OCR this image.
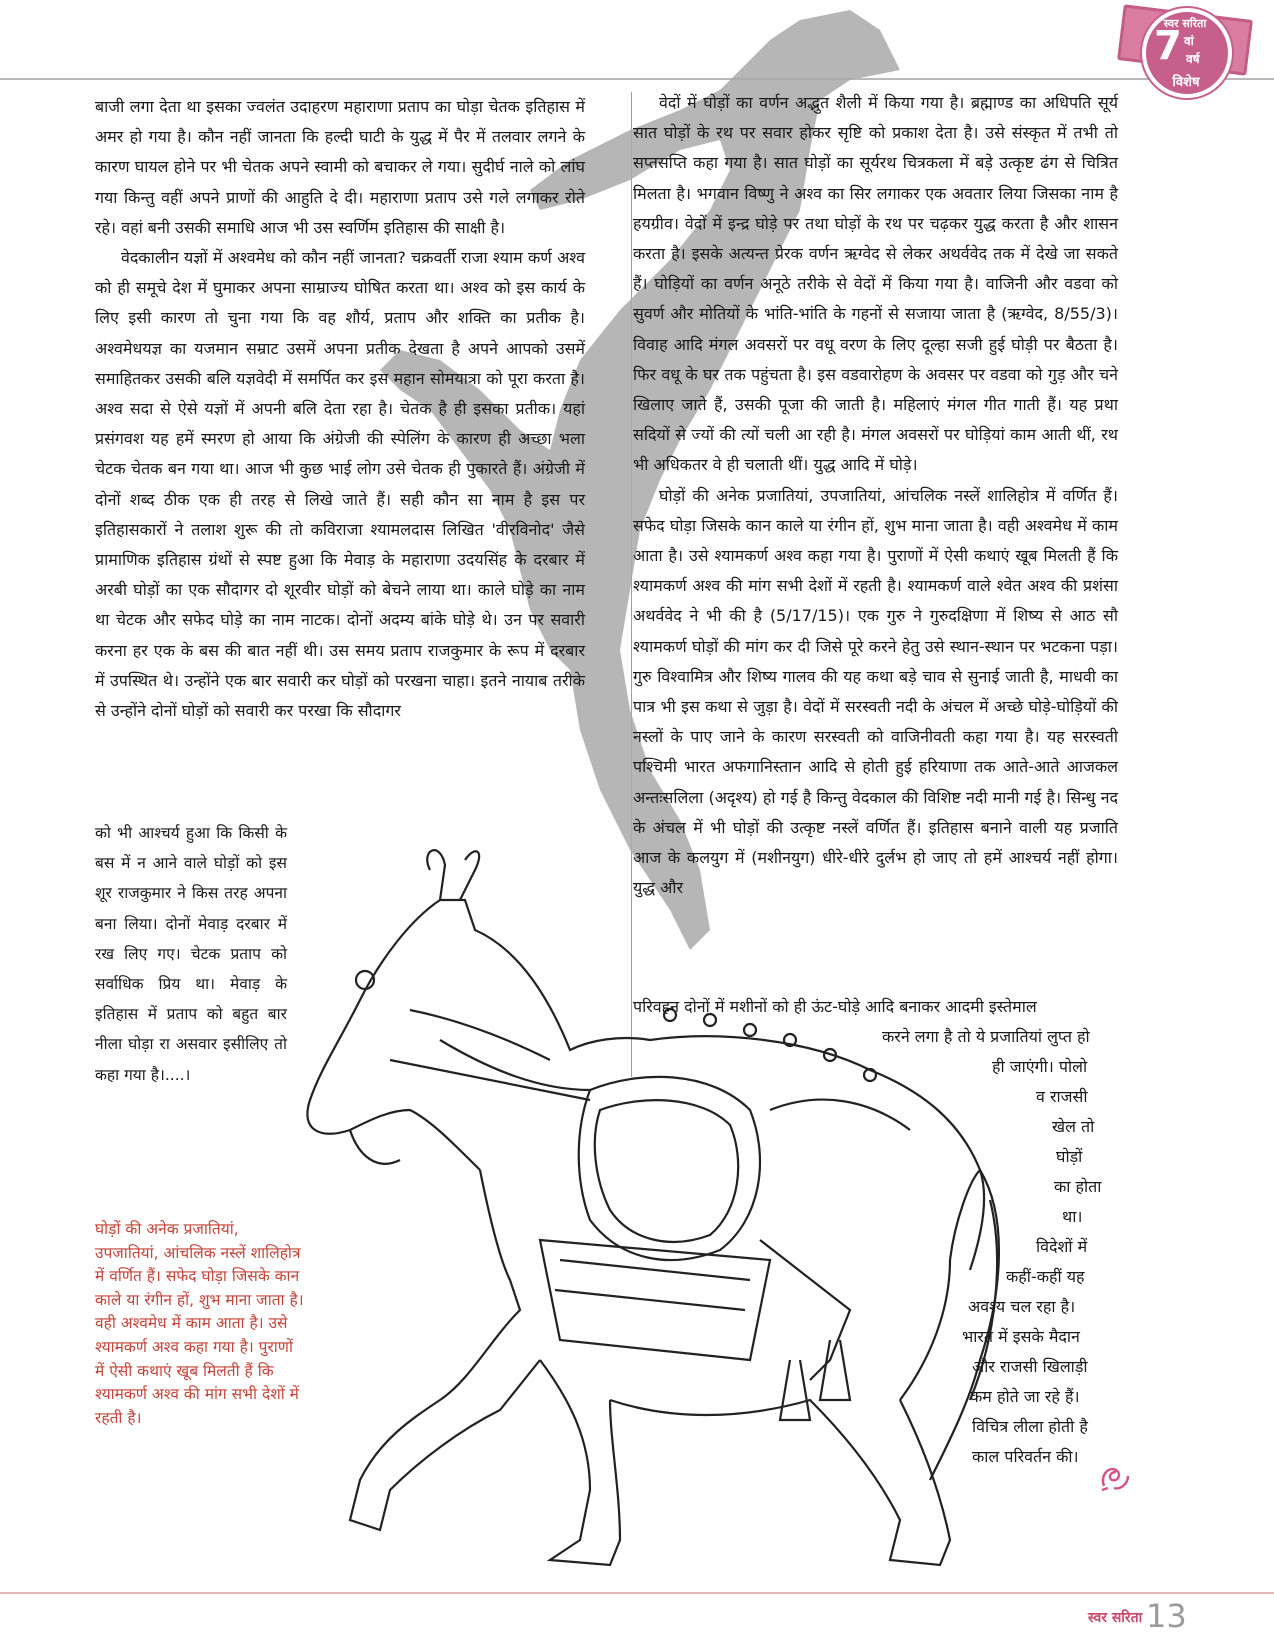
स्वर सरिता
7 वां
वर्ष
विशेष

बाजी लगा देता था इसका ज्वलंत उदाहरण महाराणा प्रताप का घोड़ा चेतक इतिहास में अमर हो गया है। कौन नहीं जानता कि हल्दी घाटी के युद्ध में पैर में तलवार लगने के कारण घायल होने पर भी चेतक अपने स्वामी को बचाकर ले गया। सुदीर्घ नाले को लांघ गया किन्तु वहीं अपने प्राणों की आहुति दे दी। महाराणा प्रताप उसे गले लगाकर रोते रहे। वहां बनी उसकी समाधि आज भी उस स्वर्णिम इतिहास की साक्षी है।

वेदकालीन यज्ञों में अश्वमेध को कौन नहीं जानता? चक्रवर्ती राजा श्याम कर्ण अश्व को ही समूचे देश में घुमाकर अपना साम्राज्य घोषित करता था। अश्व को इस कार्य के लिए इसी कारण तो चुना गया कि वह शौर्य, प्रताप और शक्ति का प्रतीक है। अश्वमेधयज्ञ का यजमान सम्राट उसमें अपना प्रतीक देखता है अपने आपको उसमें समाहितकर उसकी बलि यज्ञवेदी में समर्पित कर इस महान सोमयात्रा को पूरा करता है। अश्व सदा से ऐसे यज्ञों में अपनी बलि देता रहा है। चेतक है ही इसका प्रतीक। यहां प्रसंगवश यह हमें स्मरण हो आया कि अंग्रेजी की स्पेलिंग के कारण ही अच्छा भला चेटक चेतक बन गया था। आज भी कुछ भाई लोग उसे चेतक ही पुकारते हैं। अंग्रेजी में दोनों शब्द ठीक एक ही तरह से लिखे जाते हैं। सही कौन सा नाम है इस पर इतिहासकारों ने तलाश शुरू की तो कविराजा श्यामलदास लिखित 'वीरविनोद' जैसे प्रामाणिक इतिहास ग्रंथों से स्पष्ट हुआ कि मेवाड़ के महाराणा उदयसिंह के दरबार में अरबी घोड़ों का एक सौदागर दो शूरवीर घोड़ों को बेचने लाया था। काले घोड़े का नाम था चेटक और सफेद घोड़े का नाम नाटक। दोनों अदम्य बांके घोड़े थे। उन पर सवारी करना हर एक के बस की बात नहीं थी। उस समय प्रताप राजकुमार के रूप में दरबार में उपस्थित थे। उन्होंने एक बार सवारी कर घोड़ों को परखना चाहा। इतने नायाब तरीके से उन्होंने दोनों घोड़ों को सवारी कर परखा कि सौदागर

को भी आश्चर्य हुआ कि किसी के बस में न आने वाले घोड़ों को इस शूर राजकुमार ने किस तरह अपना बना लिया। दोनों मेवाड़ दरबार में रख लिए गए। चेटक प्रताप को सर्वाधिक प्रिय था। मेवाड़ के इतिहास में प्रताप को बहुत बार नीला घोड़ा रा असवार इसीलिए तो कहा गया है।....।

वेदों में घोड़ों का वर्णन अद्भुत शैली में किया गया है। ब्रह्माण्ड का अधिपति सूर्य सात घोड़ों के रथ पर सवार होकर सृष्टि को प्रकाश देता है। उसे संस्कृत में तभी तो सप्तसप्ति कहा गया है। सात घोड़ों का सूर्यरथ चित्रकला में बड़े उत्कृष्ट ढंग से चित्रित मिलता है। भगवान विष्णु ने अश्व का सिर लगाकर एक अवतार लिया जिसका नाम है हयग्रीव। वेदों में इन्द्र घोड़े पर तथा घोड़ों के रथ पर चढ़कर युद्ध करता है और शासन करता है। इसके अत्यन्त प्रेरक वर्णन ऋग्वेद से लेकर अथर्ववेद तक में देखे जा सकते हैं। घोड़ियों का वर्णन अनूठे तरीके से वेदों में किया गया है। वाजिनी और वडवा को सुवर्ण और मोतियों के भांति-भांति के गहनों से सजाया जाता है (ऋग्वेद, 8/55/3)। विवाह आदि मंगल अवसरों पर वधू वरण के लिए दूल्हा सजी हुई घोड़ी पर बैठता है। फिर वधू के घर तक पहुंचता है। इस वडवारोहण के अवसर पर वडवा को गुड़ और चने खिलाए जाते हैं, उसकी पूजा की जाती है। महिलाएं मंगल गीत गाती हैं। यह प्रथा सदियों से ज्यों की त्यों चली आ रही है। मंगल अवसरों पर घोड़ियां काम आती थीं, रथ भी अधिकतर वे ही चलाती थीं। युद्ध आदि में घोड़े।

घोड़ों की अनेक प्रजातियां, उपजातियां, आंचलिक नस्लें शालिहोत्र में वर्णित हैं। सफेद घोड़ा जिसके कान काले या रंगीन हों, शुभ माना जाता है। वही अश्वमेध में काम आता है। उसे श्यामकर्ण अश्व कहा गया है। पुराणों में ऐसी कथाएं खूब मिलती हैं कि श्यामकर्ण अश्व की मांग सभी देशों में रहती है। श्यामकर्ण वाले श्वेत अश्व की प्रशंसा अथर्ववेद ने भी की है (5/17/15)। एक गुरु ने गुरुदक्षिणा में शिष्य से आठ सौ श्यामकर्ण घोड़ों की मांग कर दी जिसे पूरे करने हेतु उसे स्थान-स्थान पर भटकना पड़ा। गुरु विश्वामित्र और शिष्य गालव की यह कथा बड़े चाव से सुनाई जाती है, माधवी का पात्र भी इस कथा से जुड़ा है। वेदों में सरस्वती नदी के अंचल में अच्छे घोड़े-घोड़ियों की नस्लों के पाए जाने के कारण सरस्वती को वाजिनीवती कहा गया है। यह सरस्वती पश्चिमी भारत अफगानिस्तान आदि से होती हुई हरियाणा तक आते-आते आजकल अन्तःसलिला (अदृश्य) हो गई है किन्तु वेदकाल की विशिष्ट नदी मानी गई है। सिन्धु नद के अंचल में भी घोड़ों की उत्कृष्ट नस्लें वर्णित हैं। इतिहास बनाने वाली यह प्रजाति आज के कलयुग में (मशीनयुग) धीरे-धीरे दुर्लभ हो जाए तो हमें आश्चर्य नहीं होगा। युद्ध और

परिवहन दोनों में मशीनों को ही ऊंट-घोड़े आदि बनाकर आदमी इस्तेमाल
करने लगा है तो ये प्रजातियां लुप्त हो
ही जाएंगी। पोलो
व राजसी
खेल तो
घोड़ों
का होता
था।
विदेशों में
कहीं-कहीं यह
अवश्य चल रहा है।
भारत में इसके मैदान
और राजसी खिलाड़ी
कम होते जा रहे हैं।
विचित्र लीला होती है
काल परिवर्तन की।
घोड़ों की अनेक प्रजातियां, उपजातियां, आंचलिक नस्लें शालिहोत्र में वर्णित हैं। सफेद घोड़ा जिसके कान काले या रंगीन हों, शुभ माना जाता है। वही अश्वमेध में काम आता है। उसे श्यामकर्ण अश्व कहा गया है। पुराणों में ऐसी कथाएं खूब मिलती हैं कि श्यामकर्ण अश्व की मांग सभी देशों में रहती है।
स्वर सरिता 13
